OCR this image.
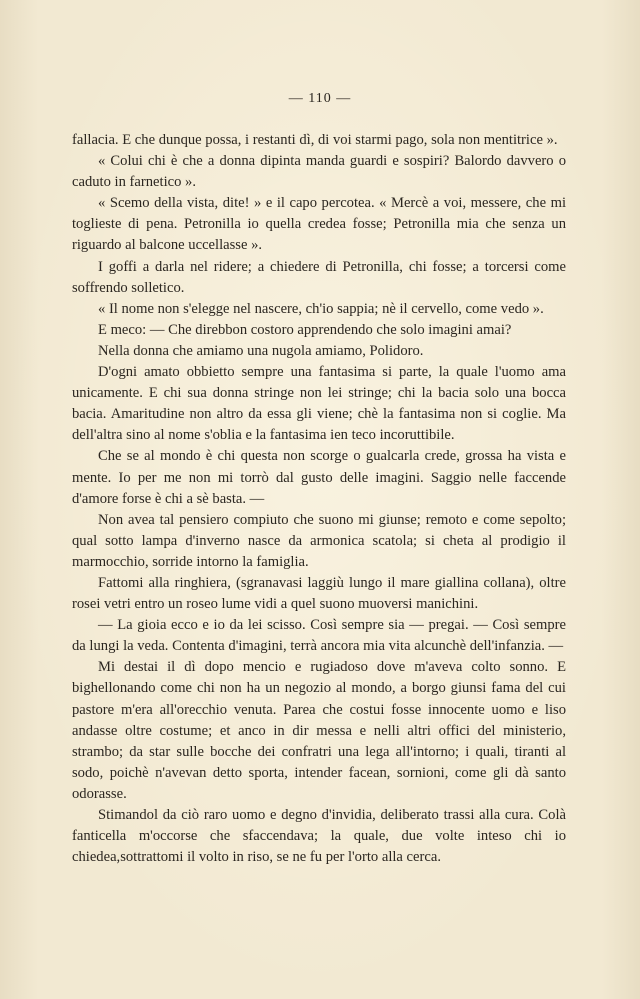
— 110 —

fallacia. E che dunque possa, i restanti dì, di voi starmi pago, sola non mentitrice ».

« Colui chi è che a donna dipinta manda guardi e sospiri? Balordo davvero o caduto in farnetico ».

« Scemo della vista, dite! » e il capo percotea. « Mercè a voi, messere, che mi toglieste di pena. Petronilla io quella credea fosse; Petronilla mia che senza un riguardo al balcone uccellasse ».

I goffi a darla nel ridere; a chiedere di Petronilla, chi fosse; a torcersi come soffrendo solletico.

« Il nome non s'elegge nel nascere, ch'io sappia; nè il cervello, come vedo ».

E meco: — Che direbbon costoro apprendendo che solo imagini amai?

Nella donna che amiamo una nugola amiamo, Polidoro.

D'ogni amato obbietto sempre una fantasima si parte, la quale l'uomo ama unicamente. E chi sua donna stringe non lei stringe; chi la bacia solo una bocca bacia. Amaritudine non altro da essa gli viene; chè la fantasima non si coglie. Ma dell'altra sino al nome s'oblia e la fantasima ien teco incoruttibile.

Che se al mondo è chi questa non scorge o gualcarla crede, grossa ha vista e mente. Io per me non mi torrò dal gusto delle imagini. Saggio nelle faccende d'amore forse è chi a sè basta. —

Non avea tal pensiero compiuto che suono mi giunse; remoto e come sepolto; qual sotto lampa d'inverno nasce da armonica scatola; si cheta al prodigio il marmocchio, sorride intorno la famiglia.

Fattomi alla ringhiera, (sgranavasi laggiù lungo il mare giallina collana), oltre rosei vetri entro un roseo lume vidi a quel suono muoversi manichini.

— La gioia ecco e io da lei scisso. Così sempre sia — pregai. — Così sempre da lungi la veda. Contenta d'imagini, terrà ancora mia vita alcunchè dell'infanzia. —

Mi destai il dì dopo mencio e rugiadoso dove m'aveva colto sonno. E bighellonando come chi non ha un negozio al mondo, a borgo giunsi fama del cui pastore m'era all'orecchio venuta. Parea che costui fosse innocente uomo e liso andasse oltre costume; et anco in dir messa e nelli altri offici del ministerio, strambo; da star sulle bocche dei confratri una lega all'intorno; i quali, tiranti al sodo, poichè n'avevan detto sporta, intender facean, sornioni, come gli dà santo odorasse.

Stimandol da ciò raro uomo e degno d'invidia, deliberato trassi alla cura. Colà fanticella m'occorse che sfaccendava; la quale, due volte inteso chi io chiedea,sottrattomi il volto in riso, se ne fu per l'orto alla cerca.
